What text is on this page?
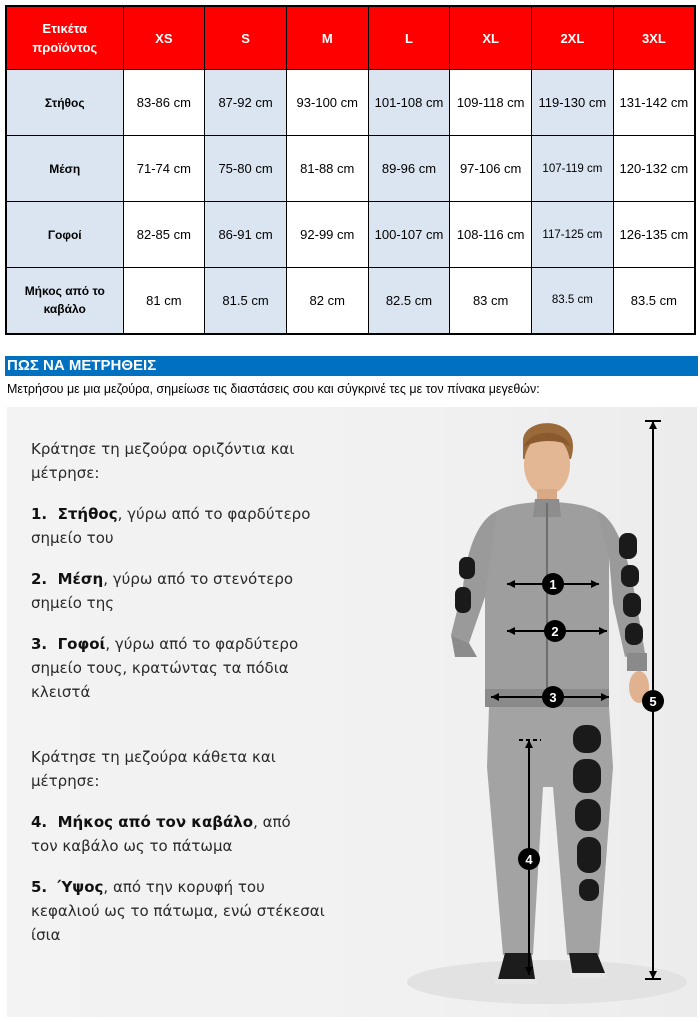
Ετικέτα
προϊόντος	XS	S	M	L	XL	2XL	3XL
Στήθος	83-86 cm	87-92 cm	93-100 cm	101-108 cm	109-118 cm	119-130 cm	131-142 cm
Μέση	71-74 cm	75-80 cm	81-88 cm	89-96 cm	97-106 cm	107-119 cm	120-132 cm
Γοφοί	82-85 cm	86-91 cm	92-99 cm	100-107 cm	108-116 cm	117-125 cm	126-135 cm
Μήκος από το
καβάλο	81 cm	81.5 cm	82 cm	82.5 cm	83 cm	83.5 cm	83.5 cm
ΠΩΣ ΝΑ ΜΕΤΡΗΘΕΙΣ
Μετρήσου με μια μεζούρα, σημείωσε τις διαστάσεις σου και σύγκρινέ τες με τον πίνακα μεγεθών:

Κράτησε τη μεζούρα οριζόντια και
μέτρησε:

1. Στήθος, γύρω από το φαρδύτερο
σημείο του

2. Μέση, γύρω από το στενότερο
σημείο της

3. Γοφοί, γύρω από το φαρδύτερο
σημείο τους, κρατώντας τα πόδια
κλειστά

Κράτησε τη μεζούρα κάθετα και
μέτρησε:

4. Μήκος από τον καβάλο, από
τον καβάλο ως το πάτωμα

5. Ύψος, από την κορυφή του
κεφαλιού ως το πάτωμα, ενώ στέκεσαι
ίσια

1
2
3
4
5
